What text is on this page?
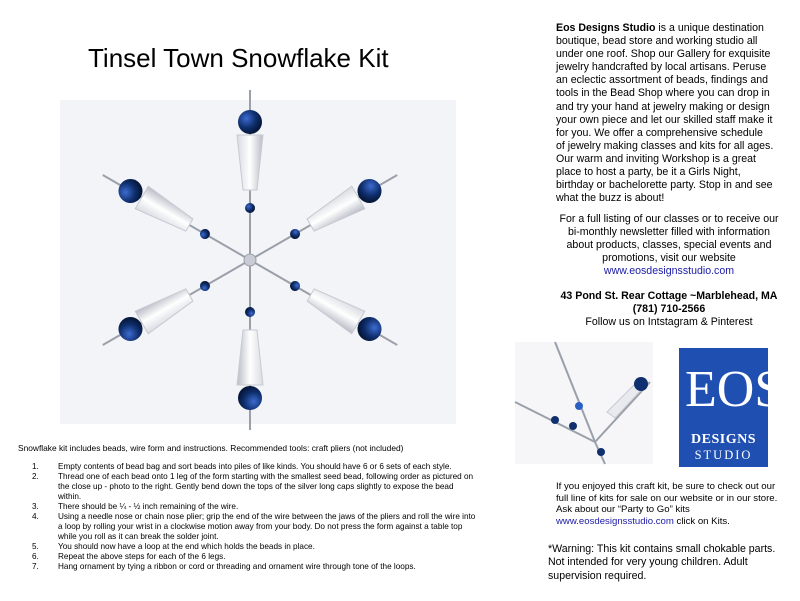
Tinsel Town Snowflake Kit
Snowflake kit includes beads, wire form and instructions. Recommended tools: craft pliers (not included)
1.	Empty contents of bead bag and sort beads into piles of like kinds. You should have 6 or 6 sets of each style.
2.	Thread one of each bead onto 1 leg of the form starting with the smallest seed bead, following order as pictured on the close up - photo to the right. Gently bend down the tops of the silver long caps slightly to expose the bead within.
3.	There should be ¼ - ½ inch remaining of the wire.
4.	Using a needle nose or chain nose plier; grip the end of the wire between the jaws of the pliers and roll the wire into a loop by rolling your wrist in a clockwise motion away from your body. Do not press the form against a table top while you roll as it can break the solder joint.
5.	You should now have a loop at the end which holds the beads in place.
6.	Repeat the above steps for each of the 6 legs.
7.	Hang ornament by tying a ribbon or cord or threading and ornament wire through tone of the loops.
Eos Designs Studio is a unique destination boutique, bead store and working studio all under one roof. Shop our Gallery for exquisite jewelry handcrafted by local artisans. Peruse an eclectic assortment of beads, findings and tools in the Bead Shop where you can drop in and try your hand at jewelry making or design your own piece and let our skilled staff make it for you. We offer a comprehensive schedule of jewelry making classes and kits for all ages. Our warm and inviting Workshop is a great place to host a party, be it a Girls Night, birthday or bachelorette party. Stop in and see what the buzz is about!
For a full listing of our classes or to receive our bi-monthly newsletter filled with information about products, classes, special events and promotions, visit our website
www.eosdesignsstudio.com
43 Pond St. Rear Cottage ~Marblehead, MA
(781) 710-2566
Follow us on Intstagram & Pinterest
EOS
DESIGNS
STUDIO
If you enjoyed this craft kit, be sure to check out our full line of kits for sale on our website or in our store. Ask about our “Party to Go” kits
www.eosdesignsstudio.com click on Kits.
*Warning: This kit contains small chokable parts. Not intended for very young children. Adult supervision required.
